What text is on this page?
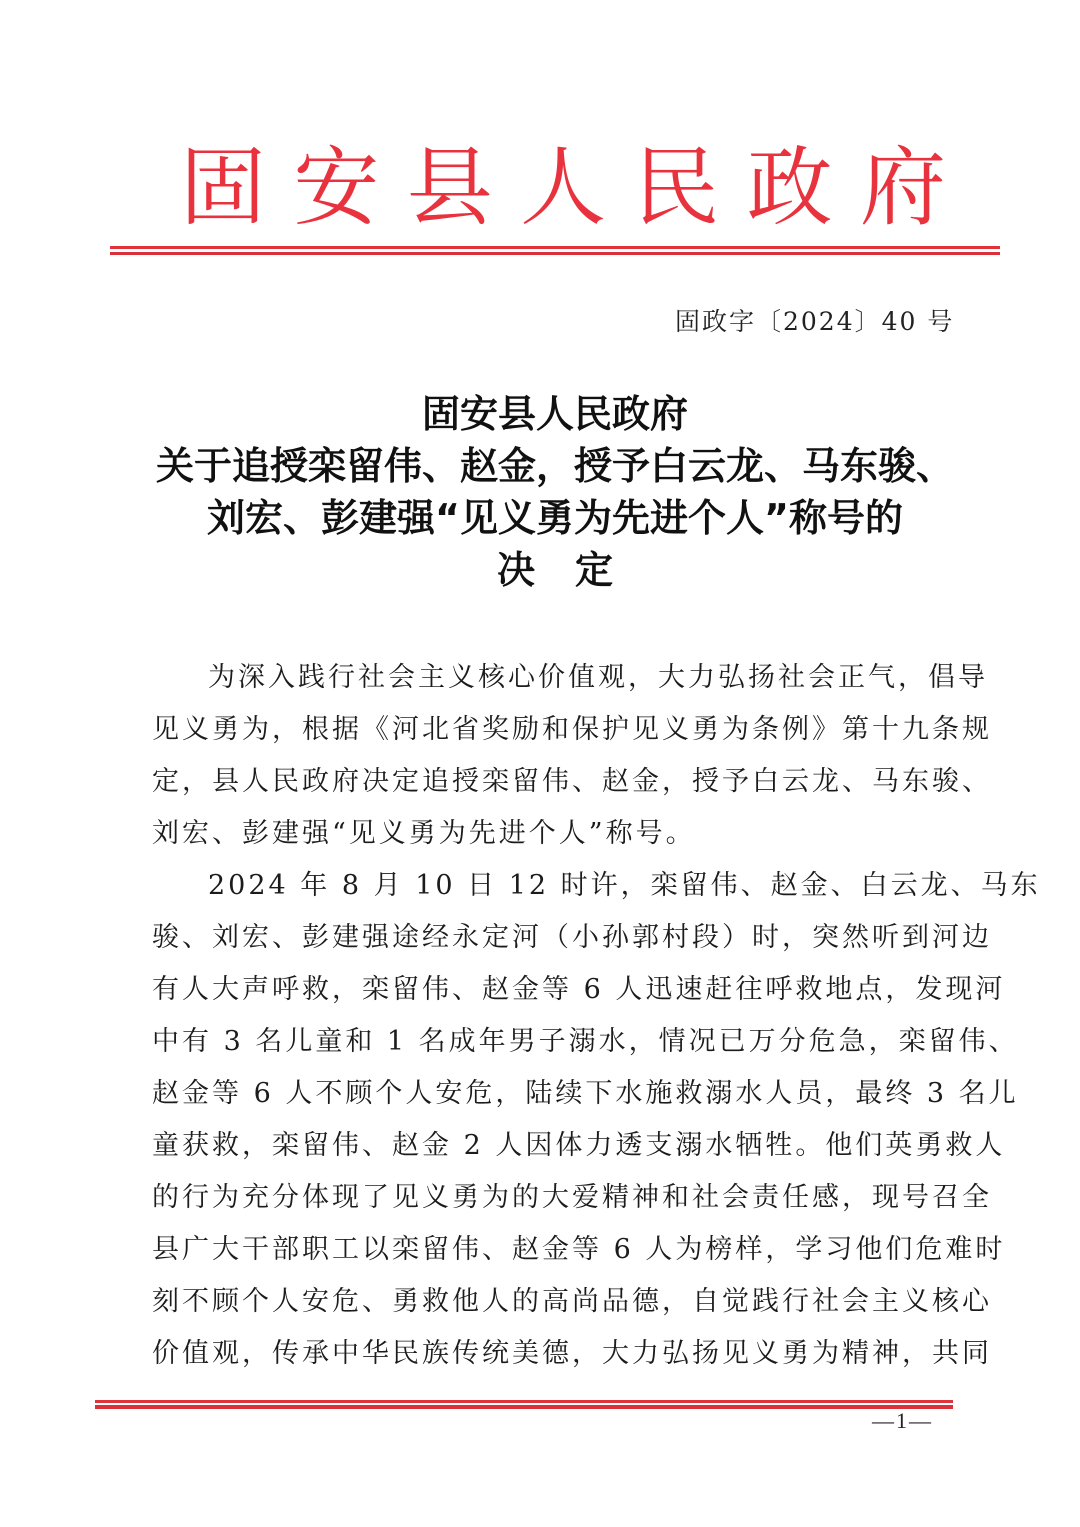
固 安 县 人 民 政 府
固政字〔2024〕40 号
固安县人民政府
关于追授栾留伟、赵金，授予白云龙、马东骏、
刘宏、彭建强“见义勇为先进个人”称号的
决定
为深入践行社会主义核心价值观，大力弘扬社会正气，倡导
见义勇为，根据《河北省奖励和保护见义勇为条例》第十九条规
定，县人民政府决定追授栾留伟、赵金，授予白云龙、马东骏、
刘宏、彭建强“见义勇为先进个人”称号。
2024 年 8 月 10 日 12 时许，栾留伟、赵金、白云龙、马东
骏、刘宏、彭建强途经永定河（小孙郭村段）时，突然听到河边
有人大声呼救，栾留伟、赵金等 6 人迅速赶往呼救地点，发现河
中有 3 名儿童和 1 名成年男子溺水，情况已万分危急，栾留伟、
赵金等 6 人不顾个人安危，陆续下水施救溺水人员，最终 3 名儿
童获救，栾留伟、赵金 2 人因体力透支溺水牺牲。他们英勇救人
的行为充分体现了见义勇为的大爱精神和社会责任感，现号召全
县广大干部职工以栾留伟、赵金等 6 人为榜样，学习他们危难时
刻不顾个人安危、勇救他人的高尚品德，自觉践行社会主义核心
价值观，传承中华民族传统美德，大力弘扬见义勇为精神，共同
—1—
